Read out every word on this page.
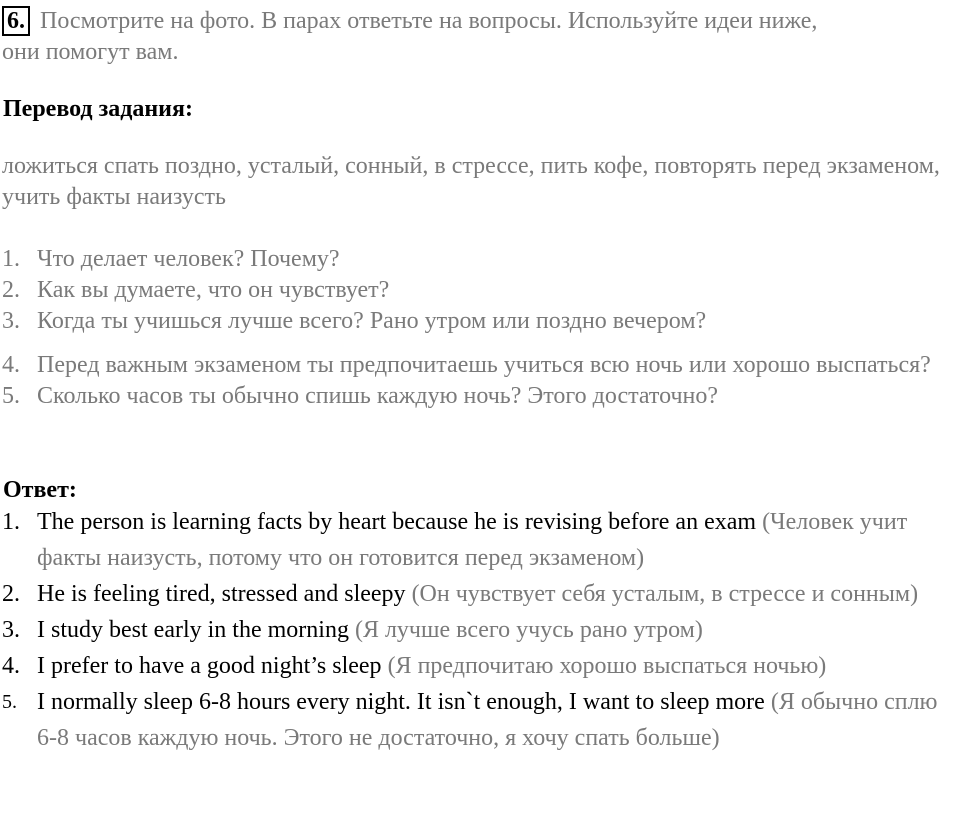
6. Посмотрите на фото. В парах ответьте на вопросы. Используйте идеи ниже,
они помогут вам.
Перевод задания:
ложиться спать поздно, усталый, сонный, в стрессе, пить кофе, повторять перед экзаменом, учить факты наизусть
1. Что делает человек? Почему?
2. Как вы думаете, что он чувствует?
3. Когда ты учишься лучше всего? Рано утром или поздно вечером?
4. Перед важным экзаменом ты предпочитаешь учиться всю ночь или хорошо выспаться?
5. Сколько часов ты обычно спишь каждую ночь? Этого достаточно?
Ответ:
1. The person is learning facts by heart because he is revising before an exam (Человек учит факты наизусть, потому что он готовится перед экзаменом)
2. He is feeling tired, stressed and sleepy (Он чувствует себя усталым, в стрессе и сонным)
3. I study best early in the morning (Я лучше всего учусь рано утром)
4. I prefer to have a good night’s sleep (Я предпочитаю хорошо выспаться ночью)
5. I normally sleep 6-8 hours every night. It isn`t enough, I want to sleep more (Я обычно сплю 6-8 часов каждую ночь. Этого не достаточно, я хочу спать больше)
